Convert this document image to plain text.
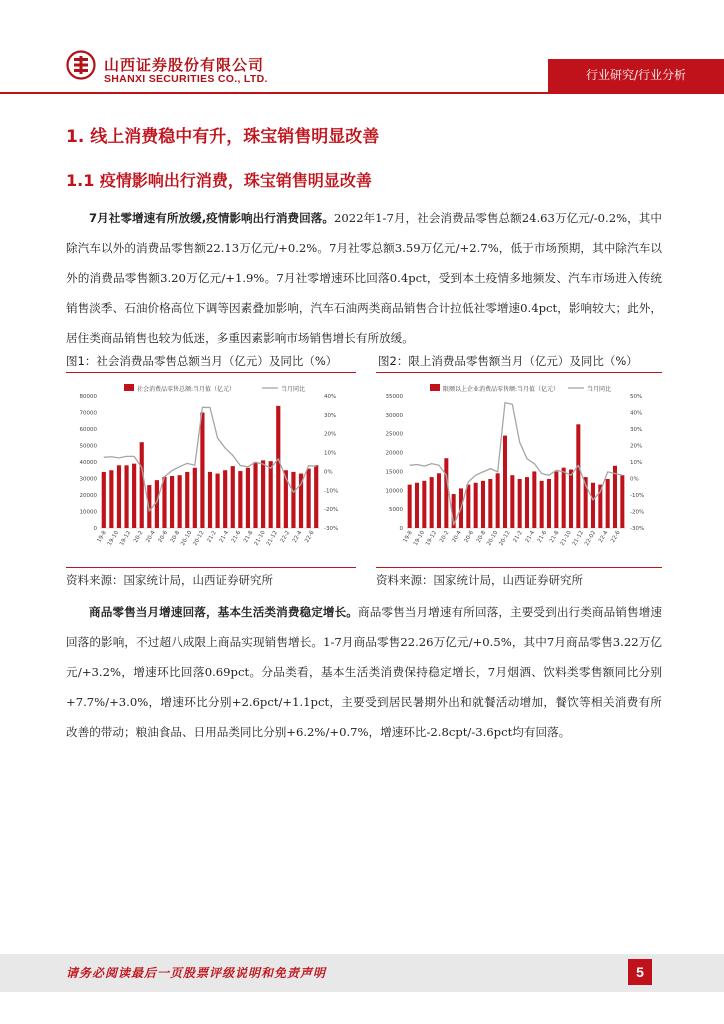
山西证券股份有限公司
SHANXI SECURITIES CO., LTD.	行业研究/行业分析
1. 线上消费稳中有升，珠宝销售明显改善
1.1 疫情影响出行消费，珠宝销售明显改善
7月社零增速有所放缓,疫情影响出行消费回落。2022年1-7月，社会消费品零售总额24.63万亿元/-0.2%，其中除汽车以外的消费品零售额22.13万亿元/+0.2%。7月社零总额3.59万亿元/+2.7%，低于市场预期，其中除汽车以外的消费品零售额3.20万亿元/+1.9%。7月社零增速环比回落0.4pct，受到本土疫情多地频发、汽车市场进入传统销售淡季、石油价格高位下调等因素叠加影响，汽车石油两类商品销售合计拉低社零增速0.4pct，影响较大；此外，居住类商品销售也较为低迷，多重因素影响市场销售增长有所放缓。
图1：社会消费品零售总额当月（亿元）及同比（%）	图2：限上消费品零售额当月（亿元）及同比（%）
社会消费品零售总额:当月值（亿元）	当月同比
0
10000
20000
30000
40000
50000
60000
70000
80000
-30%
-20%
-10%
0%
10%
20%
30%
40%
19-8 19-10 19-12 20-2 20-4 20-6 20-8 20-10 20-12 21-2 21-4 21-6 21-8 21-10 21-12 22-2 22-4 22-6
限额以上企业消费品零售额:当月值（亿元）	当月同比
0
5000
10000
15000
20000
25000
30000
35000
-30%
-20%
-10%
0%
10%
20%
30%
40%
50%
19-8 19-10 19-12 20-2 20-4 20-6 20-8 20-10 20-12 21-2 21-4 21-6 21-8 21-10 21-12 22-02 22-4 22-6
资料来源：国家统计局，山西证券研究所	资料来源：国家统计局，山西证券研究所
商品零售当月增速回落，基本生活类消费稳定增长。商品零售当月增速有所回落，主要受到出行类商品销售增速回落的影响，不过超八成限上商品实现销售增长。1-7月商品零售22.26万亿元/+0.5%，其中7月商品零售3.22万亿元/+3.2%，增速环比回落0.69pct。分品类看，基本生活类消费保持稳定增长，7月烟酒、饮料类零售额同比分别+7.7%/+3.0%，增速环比分别+2.6pct/+1.1pct，主要受到居民暑期外出和就餐活动增加，餐饮等相关消费有所改善的带动；粮油食品、日用品类同比分别+6.2%/+0.7%，增速环比-2.8cpt/-3.6pct均有回落。
请务必阅读最后一页股票评级说明和免责声明	5
